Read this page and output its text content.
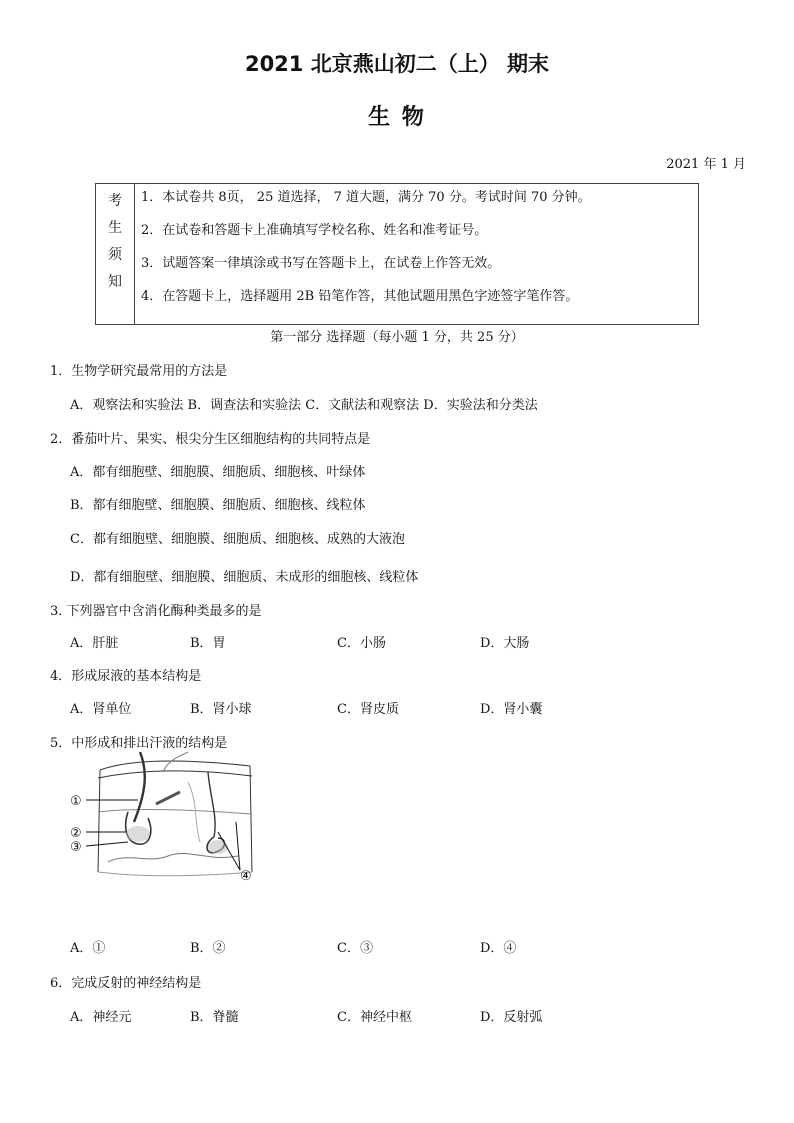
2021 北京燕山初二（上） 期末
生 物
2021 年 1 月
考
生
须
知

1．本试卷共 8页， 25 道选择， 7 道大题，满分 70 分。考试时间 70 分钟。
2．在试卷和答题卡上准确填写学校名称、姓名和准考证号。
3．试题答案一律填涂或书写在答题卡上，在试卷上作答无效。
4．在答题卡上，选择题用 2B 铅笔作答，其他试题用黑色字迹签字笔作答。
第一部分 选择题（每小题 1 分，共 25 分）
1．生物学研究最常用的方法是
A．观察法和实验法 B．调查法和实验法 C．文献法和观察法 D．实验法和分类法
2．番茄叶片、果实、根尖分生区细胞结构的共同特点是
A．都有细胞壁、细胞膜、细胞质、细胞核、叶绿体
B．都有细胞壁、细胞膜、细胞质、细胞核、线粒体
C．都有细胞壁、细胞膜、细胞质、细胞核、成熟的大液泡
D．都有细胞壁、细胞膜、细胞质、未成形的细胞核、线粒体
3. 下列器官中含消化酶种类最多的是
A．肝脏	B．胃	C．小肠	D．大肠
4．形成尿液的基本结构是
A．肾单位	B．肾小球	C．肾皮质	D．肾小囊
5．中形成和排出汗液的结构是
①
②
③
④
A．①	B．②	C．③	D．④
6．完成反射的神经结构是
A．神经元	B．脊髓	C．神经中枢	D．反射弧
